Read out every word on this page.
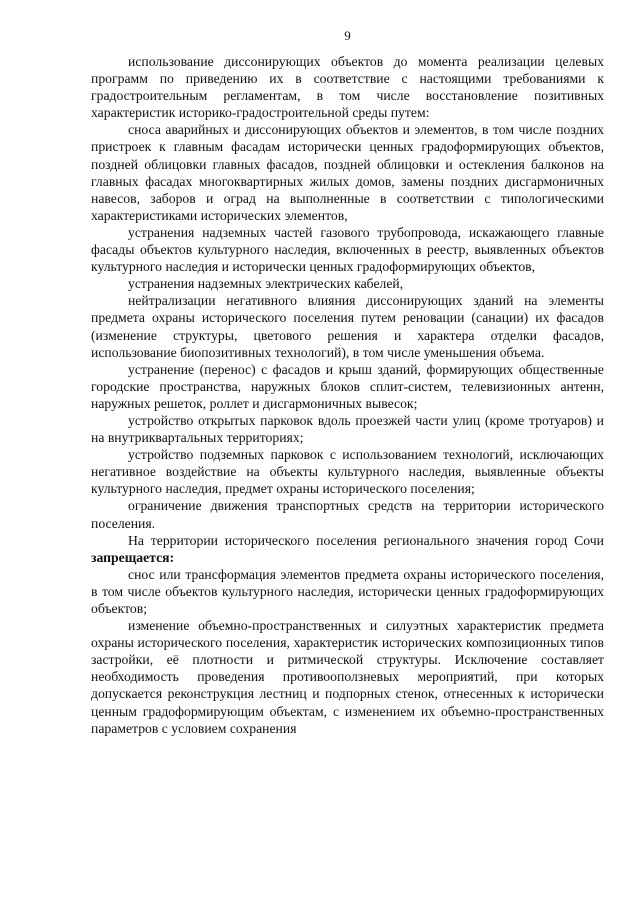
9

использование диссонирующих объектов до момента реализации целевых программ по приведению их в соответствие с настоящими требованиями к градостроительным регламентам, в том числе восстановление позитивных характеристик историко-градостроительной среды путем:

сноса аварийных и диссонирующих объектов и элементов, в том числе поздних пристроек к главным фасадам исторически ценных градоформирующих объектов, поздней облицовки главных фасадов, поздней облицовки и остекления балконов на главных фасадах многоквартирных жилых домов, замены поздних дисгармоничных навесов, заборов и оград на выполненные в соответствии с типологическими характеристиками исторических элементов,

устранения надземных частей газового трубопровода, искажающего главные фасады объектов культурного наследия, включенных в реестр, выявленных объектов культурного наследия и исторически ценных градоформирующих объектов,

устранения надземных электрических кабелей,

нейтрализации негативного влияния диссонирующих зданий на элементы предмета охраны исторического поселения путем реновации (санации) их фасадов (изменение структуры, цветового решения и характера отделки фасадов, использование биопозитивных технологий), в том числе уменьшения объема.

устранение (перенос) с фасадов и крыш зданий, формирующих общественные городские пространства, наружных блоков сплит-систем, телевизионных антенн, наружных решеток, роллет и дисгармоничных вывесок;

устройство открытых парковок вдоль проезжей части улиц (кроме тротуаров) и на внутриквартальных территориях;

устройство подземных парковок с использованием технологий, исключающих негативное воздействие на объекты культурного наследия, выявленные объекты культурного наследия, предмет охраны исторического поселения;

ограничение движения транспортных средств на территории исторического поселения.

На территории исторического поселения регионального значения город Сочи запрещается:

снос или трансформация элементов предмета охраны исторического поселения, в том числе объектов культурного наследия, исторически ценных градоформирующих объектов;

изменение объемно-пространственных и силуэтных характеристик предмета охраны исторического поселения, характеристик исторических композиционных типов застройки, её плотности и ритмической структуры. Исключение составляет необходимость проведения противооползневых мероприятий, при которых допускается реконструкция лестниц и подпорных стенок, отнесенных к исторически ценным градоформирующим объектам, с изменением их объемно-пространственных параметров с условием сохранения
